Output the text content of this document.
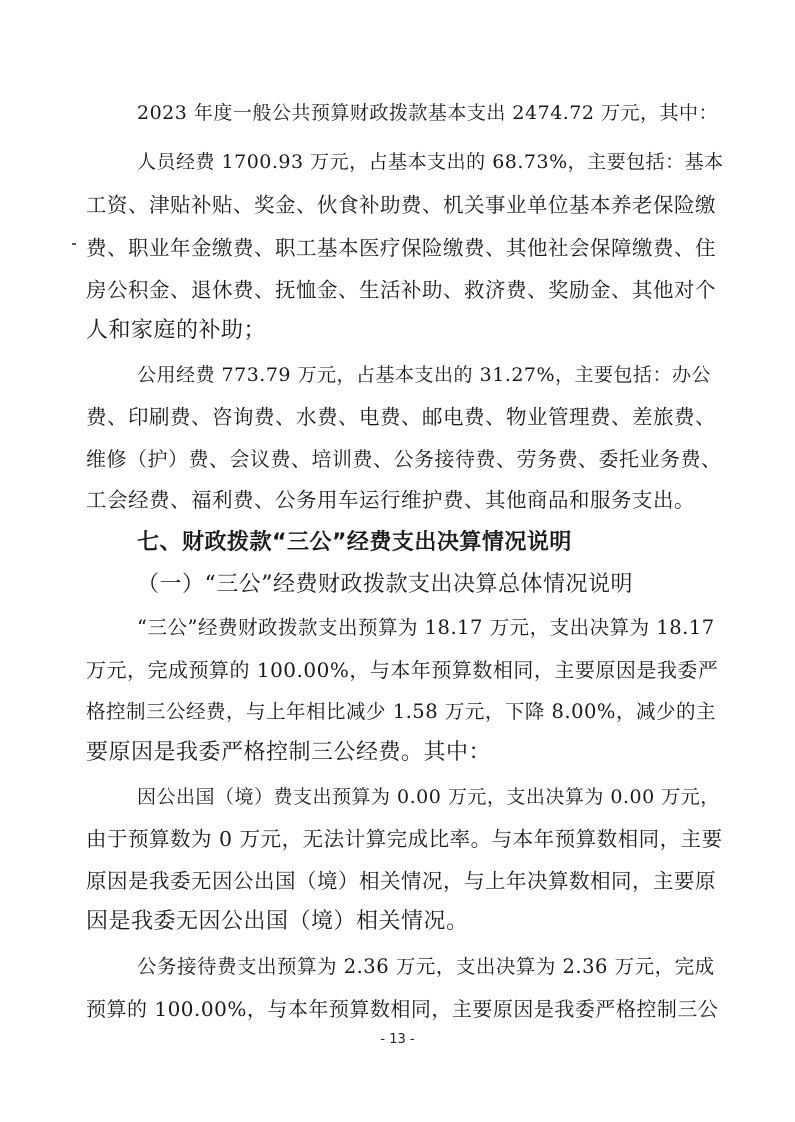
2023 年度一般公共预算财政拨款基本支出 2474.72 万元，其中：
人员经费 1700.93 万元，占基本支出的 68.73%，主要包括：基本
工资、津贴补贴、奖金、伙食补助费、机关事业单位基本养老保险缴
费、职业年金缴费、职工基本医疗保险缴费、其他社会保障缴费、住
房公积金、退休费、抚恤金、生活补助、救济费、奖励金、其他对个
人和家庭的补助；
公用经费 773.79 万元，占基本支出的 31.27%，主要包括：办公
费、印刷费、咨询费、水费、电费、邮电费、物业管理费、差旅费、
维修（护）费、会议费、培训费、公务接待费、劳务费、委托业务费、
工会经费、福利费、公务用车运行维护费、其他商品和服务支出。
七、财政拨款“三公”经费支出决算情况说明
（一）“三公”经费财政拨款支出决算总体情况说明
“三公”经费财政拨款支出预算为 18.17 万元，支出决算为 18.17
万元，完成预算的 100.00%，与本年预算数相同，主要原因是我委严
格控制三公经费，与上年相比减少 1.58 万元，下降 8.00%，减少的主
要原因是我委严格控制三公经费。其中：
因公出国（境）费支出预算为 0.00 万元，支出决算为 0.00 万元，
由于预算数为 0 万元，无法计算完成比率。与本年预算数相同，主要
原因是我委无因公出国（境）相关情况，与上年决算数相同，主要原
因是我委无因公出国（境）相关情况。
公务接待费支出预算为 2.36 万元，支出决算为 2.36 万元，完成
预算的 100.00%，与本年预算数相同，主要原因是我委严格控制三公
- 13 -
